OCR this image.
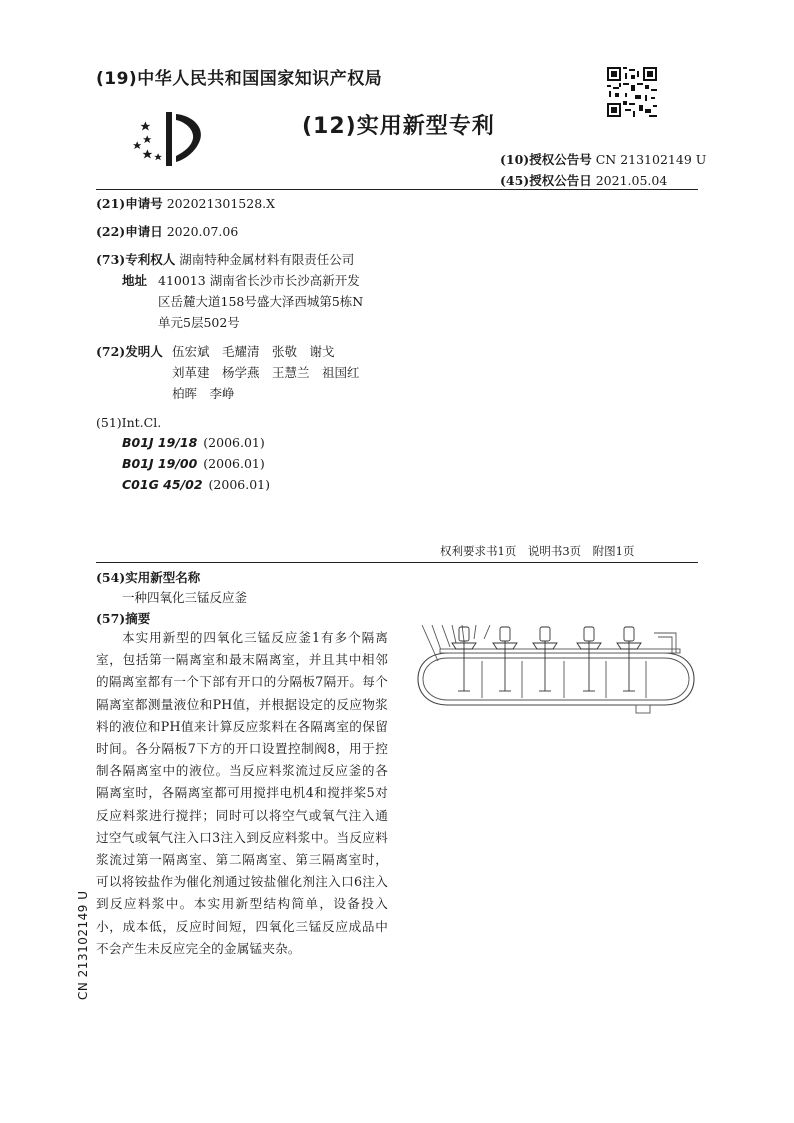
(19)中华人民共和国国家知识产权局
(12)实用新型专利
(10)授权公告号 CN 213102149 U
(45)授权公告日 2021.05.04
(21)申请号 202021301528.X
(22)申请日 2020.07.06
(73)专利权人 湖南特种金属材料有限责任公司
地址 410013 湖南省长沙市长沙高新开发
区岳麓大道158号盛大泽西城第5栋N
单元5层502号
(72)发明人 伍宏斌　毛耀清　张敬　谢戈
刘革建　杨学燕　王慧兰　祖国红
柏晖　李峥
(51)Int.Cl.
B01J 19/18 (2006.01)
B01J 19/00 (2006.01)
C01G 45/02 (2006.01)
权利要求书1页　说明书3页　附图1页
(54)实用新型名称
一种四氧化三锰反应釜
(57)摘要
本实用新型的四氧化三锰反应釜1有多个隔离室，包括第一隔离室和最末隔离室，并且其中相邻的隔离室都有一个下部有开口的分隔板7隔开。每个隔离室都测量液位和PH值，并根据设定的反应物浆料的液位和PH值来计算反应浆料在各隔离室的保留时间。各分隔板7下方的开口设置控制阀8，用于控制各隔离室中的液位。当反应料浆流过反应釜的各隔离室时，各隔离室都可用搅拌电机4和搅拌桨5对反应料浆进行搅拌；同时可以将空气或氧气注入通过空气或氧气注入口3注入到反应料浆中。当反应料浆流过第一隔离室、第二隔离室、第三隔离室时，可以将铵盐作为催化剂通过铵盐催化剂注入口6注入到反应料浆中。本实用新型结构简单，设备投入小，成本低，反应时间短，四氧化三锰反应成品中不会产生未反应完全的金属锰夹杂。
CN 213102149 U
